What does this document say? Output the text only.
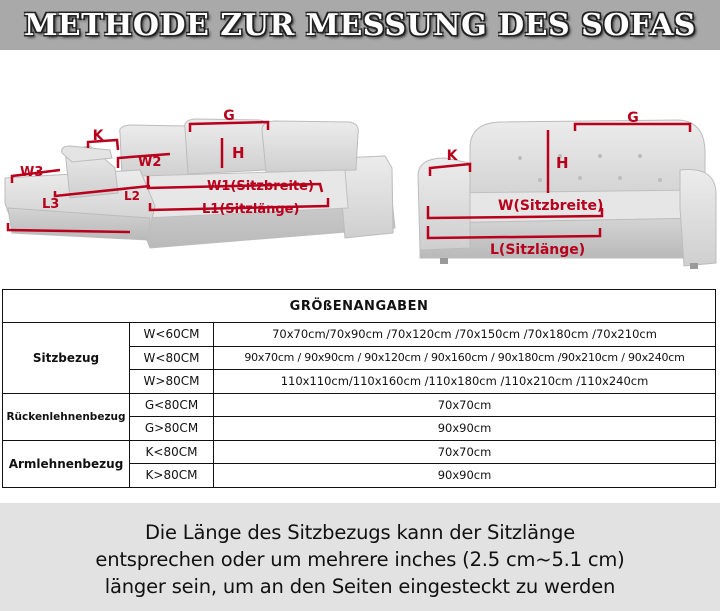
METHODE ZUR MESSUNG DES SOFAS
G
K
H
W3
W2
L2
L3
W1(Sitzbreite)
L1(Sitzlänge)
G
K	H
W(Sitzbreite)
L(Sitzlänge)
GRÖßENANGABEN		
Sitzbezug	W<60CM	70x70cm/70x90cm /70x120cm /70x150cm /70x180cm /70x210cm
	W<80CM	90x70cm / 90x90cm / 90x120cm / 90x160cm / 90x180cm /90x210cm / 90x240cm
	W>80CM	110x110cm/110x160cm /110x180cm /110x210cm /110x240cm
Rückenlehnenbezug	G<80CM	70x70cm
	G>80CM	90x90cm
Armlehnenbezug	K<80CM	70x70cm
	K>80CM	90x90cm
Die Länge des Sitzbezugs kann der Sitzlänge
entsprechen oder um mehrere inches (2.5 cm~5.1 cm)
länger sein, um an den Seiten eingesteckt zu werden
